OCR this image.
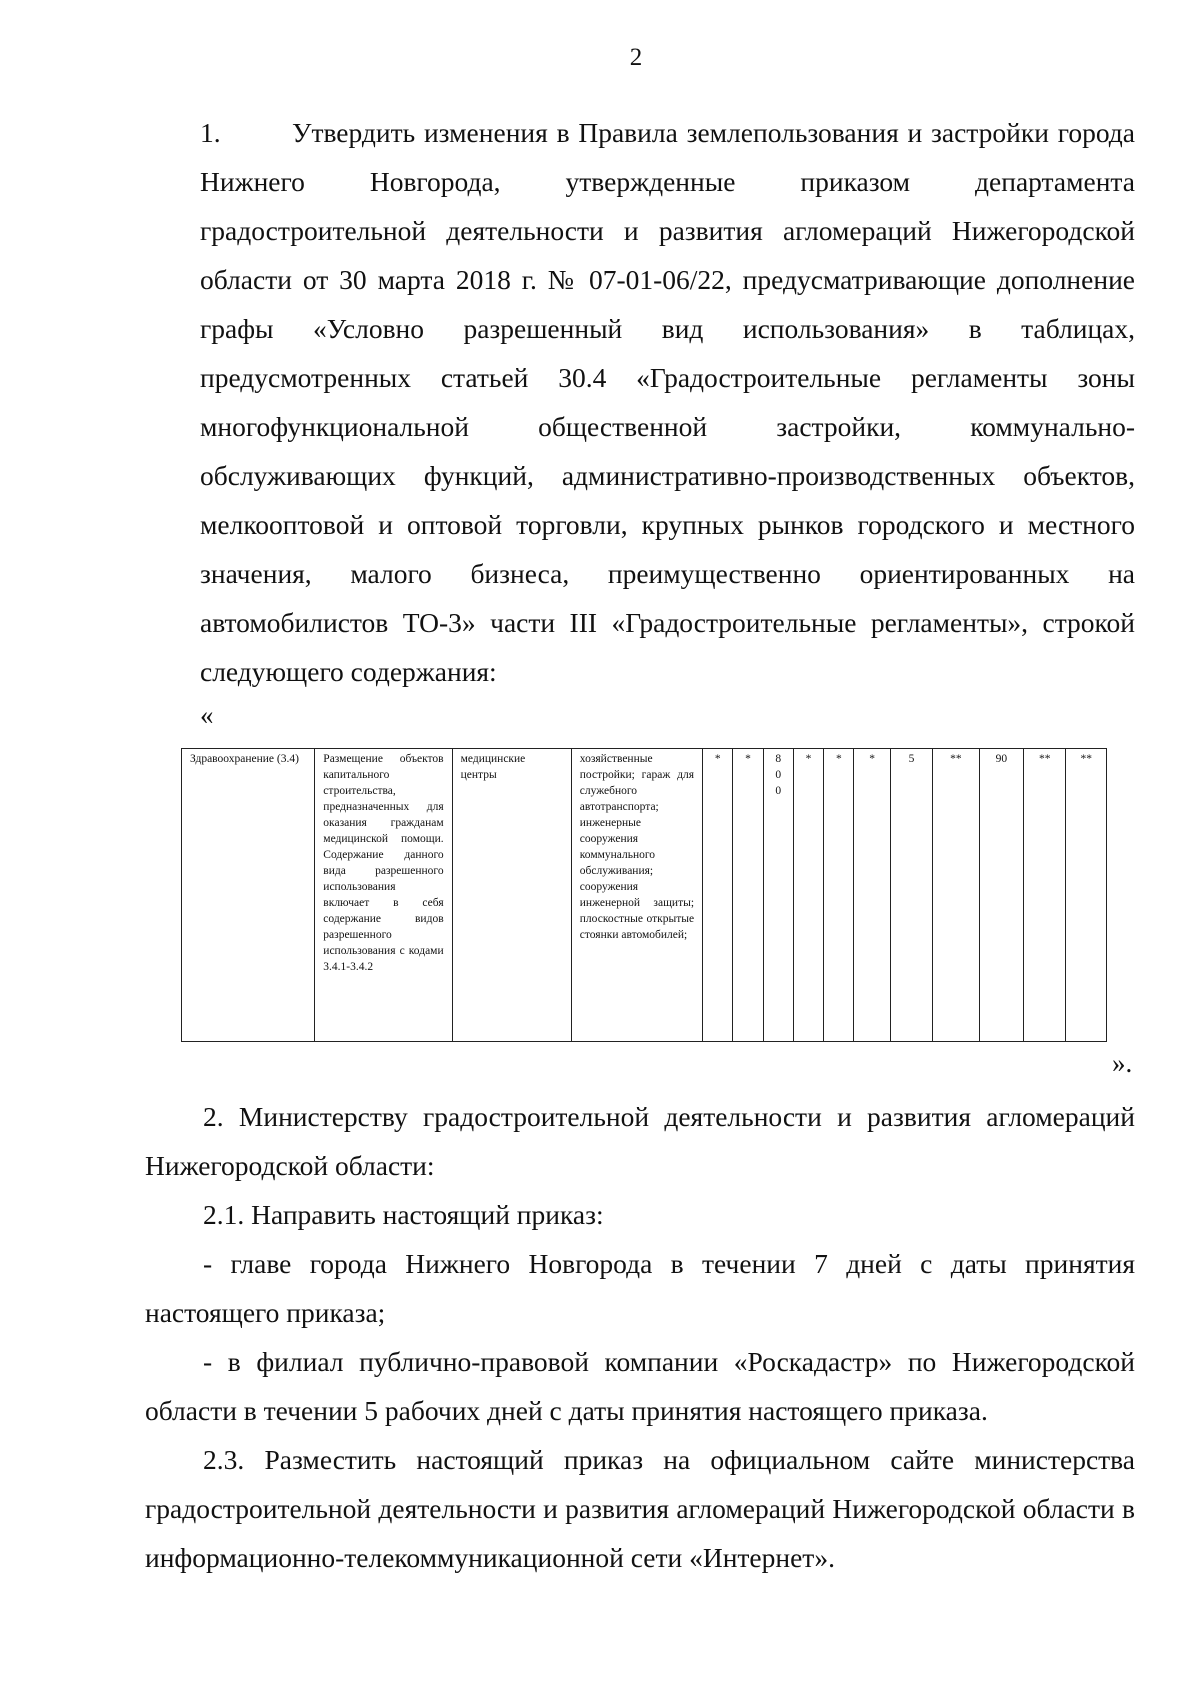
2

1.	Утвердить изменения в Правила землепользования и застройки города Нижнего Новгорода, утвержденные приказом департамента градостроительной деятельности и развития агломераций Нижегородской области от 30 марта 2018 г. № 07-01-06/22, предусматривающие дополнение графы «Условно разрешенный вид использования» в таблицах, предусмотренных статьей 30.4 «Градостроительные регламенты зоны многофункциональной общественной застройки, коммунально-обслуживающих функций, административно-производственных объектов, мелкооптовой и оптовой торговли, крупных рынков городского и местного значения, малого бизнеса, преимущественно ориентированных на автомобилистов ТО-3» части III «Градостроительные регламенты», строкой следующего содержания:

«
Здравоохранение (3.4)	Размещение объектов капитального строительства, предназначенных для оказания гражданам медицинской помощи. Содержание данного вида разрешенного использования включает в себя содержание видов разрешенного использования с кодами 3.4.1-3.4.2	медицинские центры	хозяйственные постройки; гараж для служебного автотранспорта; инженерные сооружения коммунального обслуживания; сооружения инженерной защиты; плоскостные открытые стоянки автомобилей;	*	*	800	*	*	*	5	**	90	**	**
».

2. Министерству градостроительной деятельности и развития агломераций Нижегородской области:

2.1. Направить настоящий приказ:

- главе города Нижнего Новгорода в течении 7 дней с даты принятия настоящего приказа;

- в филиал публично-правовой компании «Роскадастр» по Нижегородской области в течении 5 рабочих дней с даты принятия настоящего приказа.

2.3. Разместить настоящий приказ на официальном сайте министерства градостроительной деятельности и развития агломераций Нижегородской области в информационно-телекоммуникационной сети «Интернет».
